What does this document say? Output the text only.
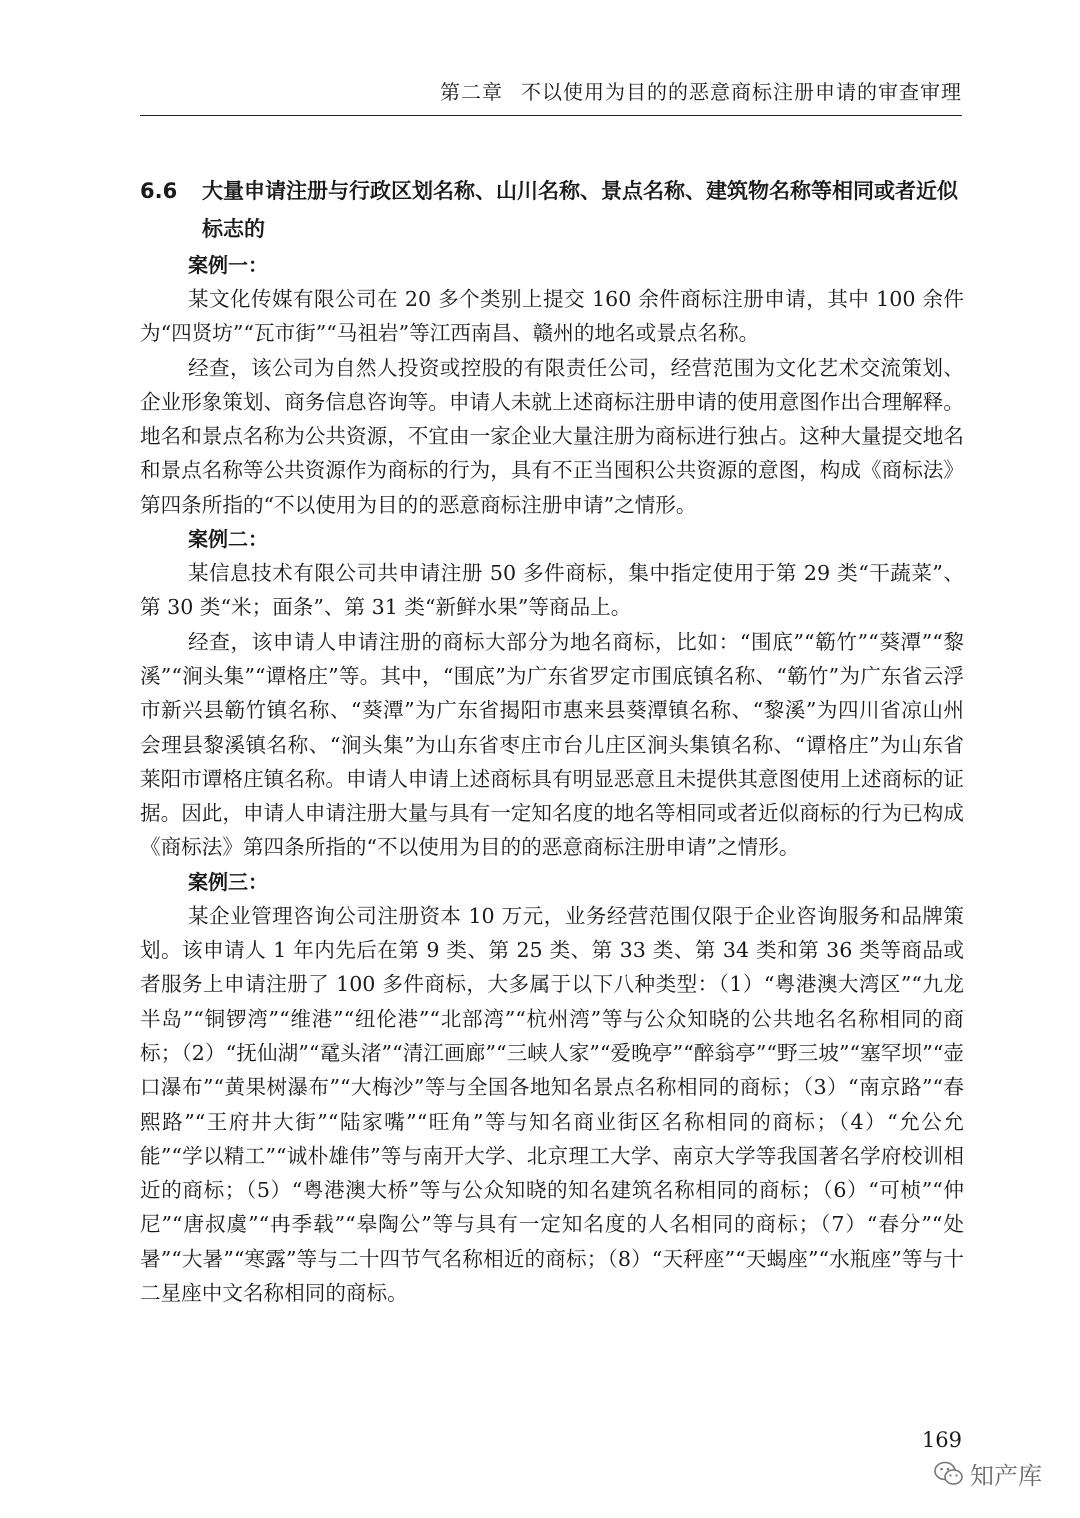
第二章 不以使用为目的的恶意商标注册申请的审查审理
6.6	大量申请注册与行政区划名称、山川名称、景点名称、建筑物名称等相同或者近似标志的
案例一：

某文化传媒有限公司在 20 多个类别上提交 160 余件商标注册申请，其中 100 余件为“四贤坊”“瓦市街”“马祖岩”等江西南昌、赣州的地名或景点名称。

经查，该公司为自然人投资或控股的有限责任公司，经营范围为文化艺术交流策划、企业形象策划、商务信息咨询等。申请人未就上述商标注册申请的使用意图作出合理解释。地名和景点名称为公共资源，不宜由一家企业大量注册为商标进行独占。这种大量提交地名和景点名称等公共资源作为商标的行为，具有不正当囤积公共资源的意图，构成《商标法》第四条所指的“不以使用为目的的恶意商标注册申请”之情形。

案例二：

某信息技术有限公司共申请注册 50 多件商标，集中指定使用于第 29 类“干蔬菜”、第 30 类“米；面条”、第 31 类“新鲜水果”等商品上。

经查，该申请人申请注册的商标大部分为地名商标，比如：“围底”“簕竹”“葵潭”“黎溪”“涧头集”“谭格庄”等。其中，“围底”为广东省罗定市围底镇名称、“簕竹”为广东省云浮市新兴县簕竹镇名称、“葵潭”为广东省揭阳市惠来县葵潭镇名称、“黎溪”为四川省凉山州会理县黎溪镇名称、“涧头集”为山东省枣庄市台儿庄区涧头集镇名称、“谭格庄”为山东省莱阳市谭格庄镇名称。申请人申请上述商标具有明显恶意且未提供其意图使用上述商标的证据。因此，申请人申请注册大量与具有一定知名度的地名等相同或者近似商标的行为已构成《商标法》第四条所指的“不以使用为目的的恶意商标注册申请”之情形。

案例三：

某企业管理咨询公司注册资本 10 万元，业务经营范围仅限于企业咨询服务和品牌策划。该申请人 1 年内先后在第 9 类、第 25 类、第 33 类、第 34 类和第 36 类等商品或者服务上申请注册了 100 多件商标，大多属于以下八种类型：（1）“粤港澳大湾区”“九龙半岛”“铜锣湾”“维港”“纽伦港”“北部湾”“杭州湾”等与公众知晓的公共地名名称相同的商标；（2）“抚仙湖”“鼋头渚”“清江画廊”“三峡人家”“爱晚亭”“醉翁亭”“野三坡”“塞罕坝”“壶口瀑布”“黄果树瀑布”“大梅沙”等与全国各地知名景点名称相同的商标；（3）“南京路”“春熙路”“王府井大街”“陆家嘴”“旺角”等与知名商业街区名称相同的商标；（4）“允公允能”“学以精工”“诚朴雄伟”等与南开大学、北京理工大学、南京大学等我国著名学府校训相近的商标；（5）“粤港澳大桥”等与公众知晓的知名建筑名称相同的商标；（6）“可桢”“仲尼”“唐叔虞”“冉季载”“皋陶公”等与具有一定知名度的人名相同的商标；（7）“春分”“处暑”“大暑”“寒露”等与二十四节气名称相近的商标；（8）“天秤座”“天蝎座”“水瓶座”等与十二星座中文名称相同的商标。

169
知产库
